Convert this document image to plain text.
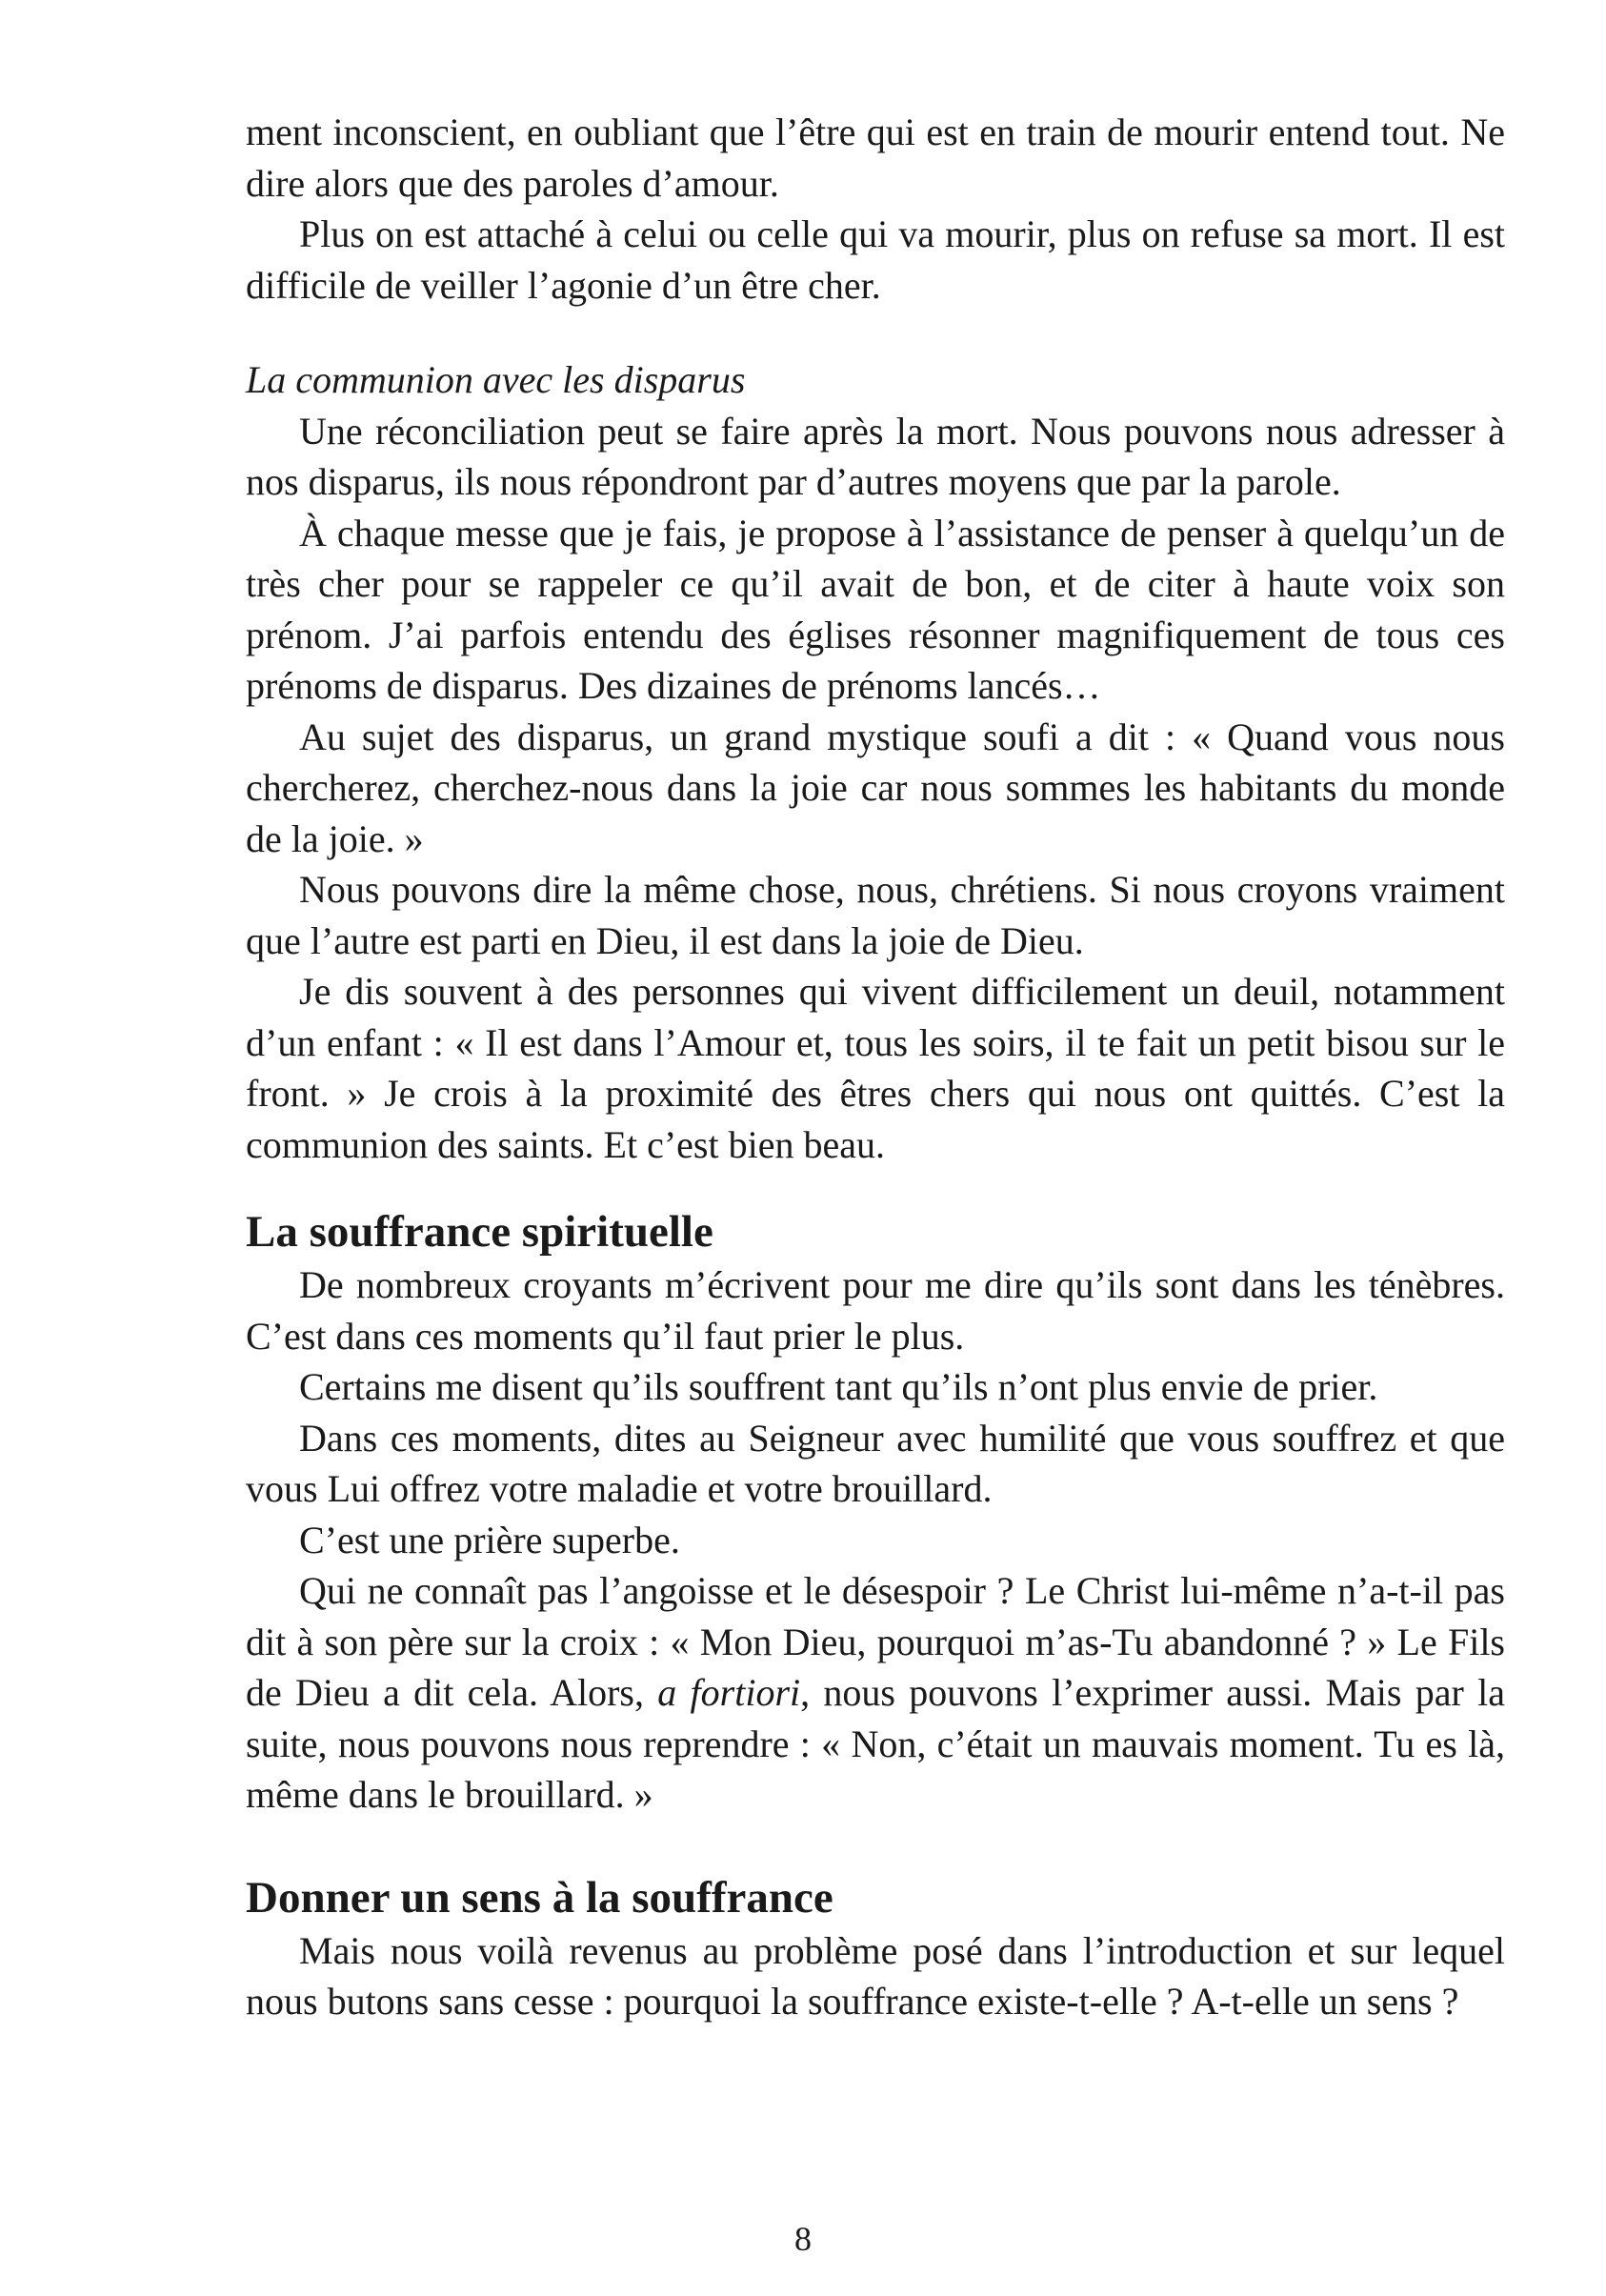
ment inconscient, en oubliant que l’être qui est en train de mourir entend tout. Ne dire alors que des paroles d’amour.

Plus on est attaché à celui ou celle qui va mourir, plus on refuse sa mort. Il est difficile de veiller l’agonie d’un être cher.

La communion avec les disparus

Une réconciliation peut se faire après la mort. Nous pouvons nous adresser à nos disparus, ils nous répondront par d’autres moyens que par la parole.

À chaque messe que je fais, je propose à l’assistance de penser à quelqu’un de très cher pour se rappeler ce qu’il avait de bon, et de citer à haute voix son prénom. J’ai parfois entendu des églises résonner magnifiquement de tous ces prénoms de disparus. Des dizaines de prénoms lancés…

Au sujet des disparus, un grand mystique soufi a dit : « Quand vous nous chercherez, cherchez-nous dans la joie car nous sommes les habitants du monde de la joie. »

Nous pouvons dire la même chose, nous, chrétiens. Si nous croyons vraiment que l’autre est parti en Dieu, il est dans la joie de Dieu.

Je dis souvent à des personnes qui vivent difficilement un deuil, notamment d’un enfant : « Il est dans l’Amour et, tous les soirs, il te fait un petit bisou sur le front. » Je crois à la proximité des êtres chers qui nous ont quittés. C’est la communion des saints. Et c’est bien beau.

La souffrance spirituelle

De nombreux croyants m’écrivent pour me dire qu’ils sont dans les ténèbres. C’est dans ces moments qu’il faut prier le plus.

Certains me disent qu’ils souffrent tant qu’ils n’ont plus envie de prier.

Dans ces moments, dites au Seigneur avec humilité que vous souffrez et que vous Lui offrez votre maladie et votre brouillard.

C’est une prière superbe.

Qui ne connaît pas l’angoisse et le désespoir ? Le Christ lui-même n’a-t-il pas dit à son père sur la croix : « Mon Dieu, pourquoi m’as-Tu abandonné ? » Le Fils de Dieu a dit cela. Alors, a fortiori, nous pouvons l’exprimer aussi. Mais par la suite, nous pouvons nous reprendre : « Non, c’était un mauvais moment. Tu es là, même dans le brouillard. »

Donner un sens à la souffrance

Mais nous voilà revenus au problème posé dans l’introduction et sur lequel nous butons sans cesse : pourquoi la souffrance existe-t-elle ? A-t-elle un sens ?

8
